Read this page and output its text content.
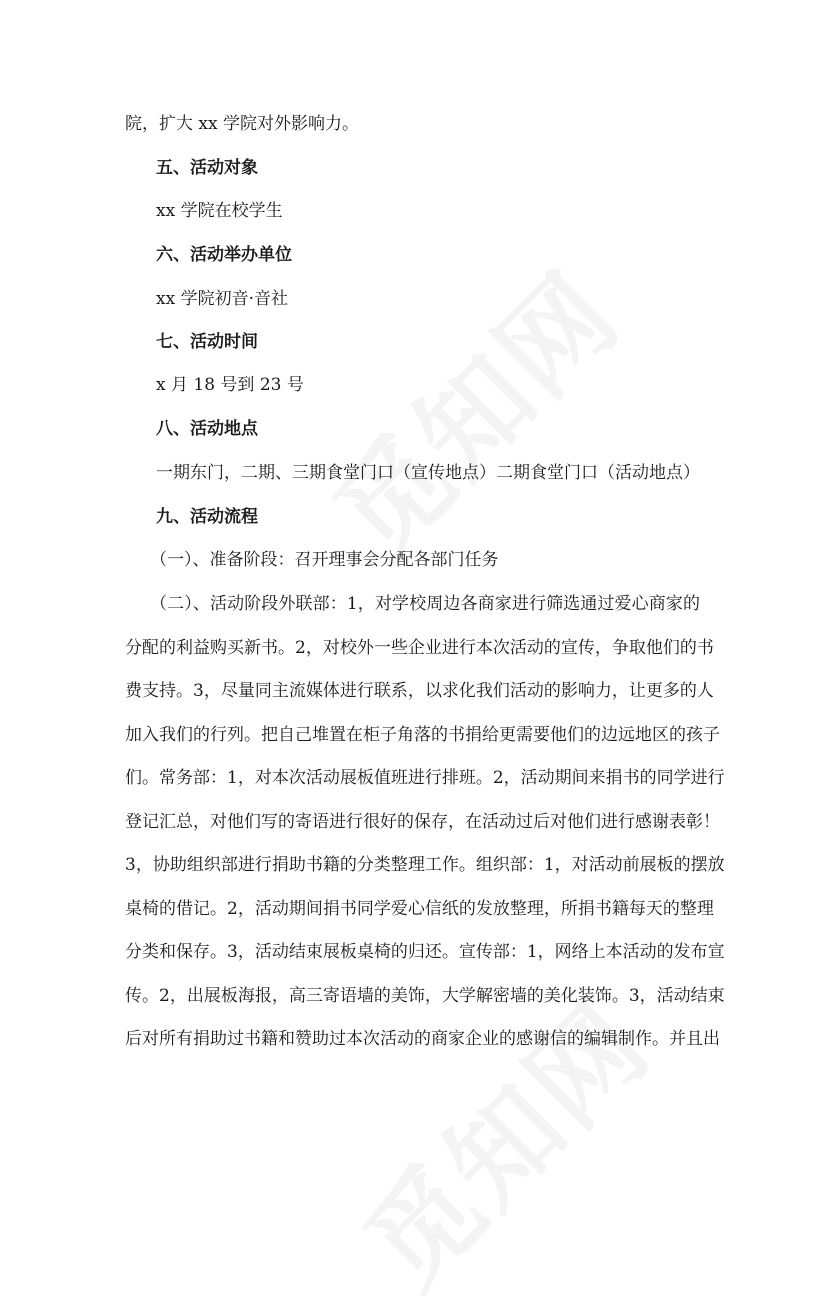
院，扩大 xx 学院对外影响力。
五、活动对象
xx 学院在校学生
六、活动举办单位
xx 学院初音·音社
七、活动时间
x 月 18 号到 23 号
八、活动地点
一期东门，二期、三期食堂门口（宣传地点）二期食堂门口（活动地点）
九、活动流程
（一）、准备阶段：召开理事会分配各部门任务
（二）、活动阶段外联部：1，对学校周边各商家进行筛选通过爱心商家的
分配的利益购买新书。2，对校外一些企业进行本次活动的宣传，争取他们的书
费支持。3，尽量同主流媒体进行联系，以求化我们活动的影响力，让更多的人
加入我们的行列。把自己堆置在柜子角落的书捐给更需要他们的边远地区的孩子
们。常务部：1，对本次活动展板值班进行排班。2，活动期间来捐书的同学进行
登记汇总，对他们写的寄语进行很好的保存，在活动过后对他们进行感谢表彰！
3，协助组织部进行捐助书籍的分类整理工作。组织部：1，对活动前展板的摆放
桌椅的借记。2，活动期间捐书同学爱心信纸的发放整理，所捐书籍每天的整理
分类和保存。3，活动结束展板桌椅的归还。宣传部：1，网络上本活动的发布宣
传。2，出展板海报，高三寄语墙的美饰，大学解密墙的美化装饰。3，活动结束
后对所有捐助过书籍和赞助过本次活动的商家企业的感谢信的编辑制作。并且出
